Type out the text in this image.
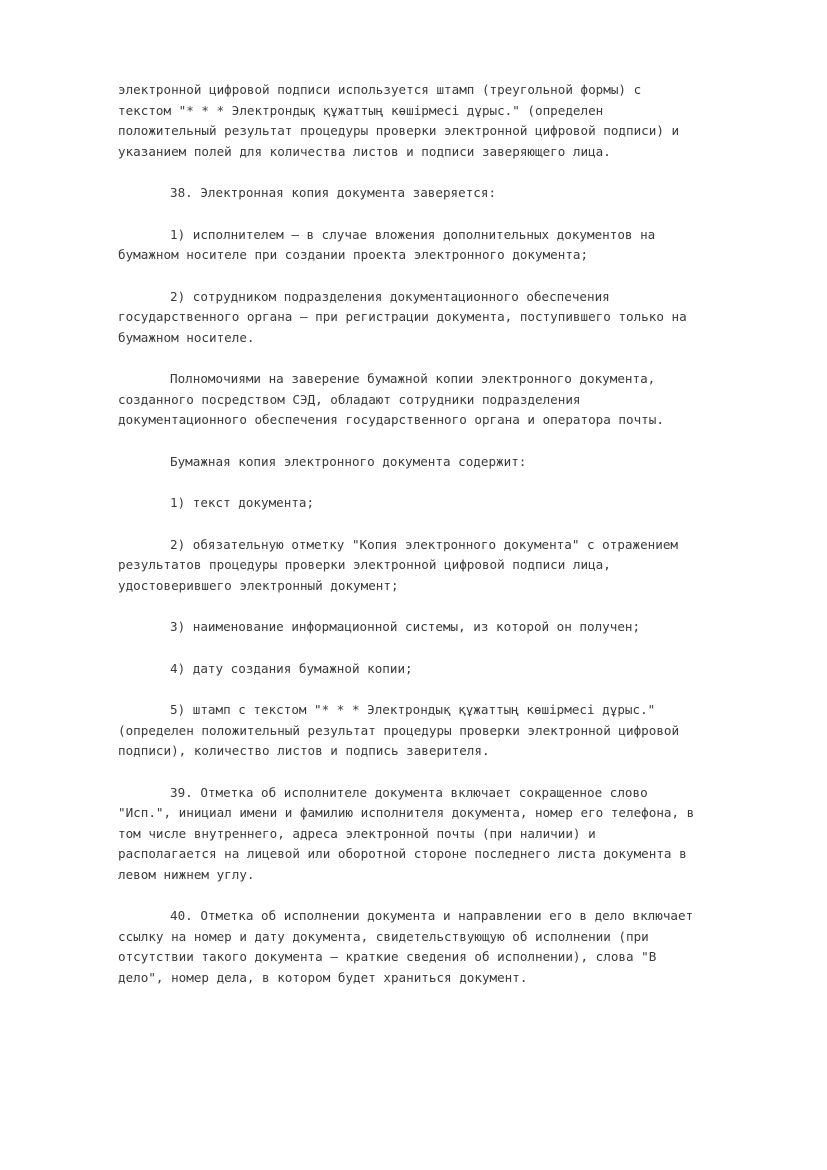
электронной цифровой подписи используется штамп (треугольной формы) с
текстом "* * * Электрондық құжаттың көшірмесі дұрыс." (определен
положительный результат процедуры проверки электронной цифровой подписи) и
указанием полей для количества листов и подписи заверяющего лица.

38. Электронная копия документа заверяется:

1) исполнителем – в случае вложения дополнительных документов на
бумажном носителе при создании проекта электронного документа;

2) сотрудником подразделения документационного обеспечения
государственного органа – при регистрации документа, поступившего только на
бумажном носителе.

Полномочиями на заверение бумажной копии электронного документа,
созданного посредством СЭД, обладают сотрудники подразделения
документационного обеспечения государственного органа и оператора почты.

Бумажная копия электронного документа содержит:

1) текст документа;

2) обязательную отметку "Копия электронного документа" с отражением
результатов процедуры проверки электронной цифровой подписи лица,
удостоверившего электронный документ;

3) наименование информационной системы, из которой он получен;

4) дату создания бумажной копии;

5) штамп с текстом "* * * Электрондық құжаттың көшірмесі дұрыс."
(определен положительный результат процедуры проверки электронной цифровой
подписи), количество листов и подпись заверителя.

39. Отметка об исполнителе документа включает сокращенное слово
"Исп.", инициал имени и фамилию исполнителя документа, номер его телефона, в
том числе внутреннего, адреса электронной почты (при наличии) и
располагается на лицевой или оборотной стороне последнего листа документа в
левом нижнем углу.

40. Отметка об исполнении документа и направлении его в дело включает
ссылку на номер и дату документа, свидетельствующую об исполнении (при
отсутствии такого документа – краткие сведения об исполнении), слова "В
дело", номер дела, в котором будет храниться документ.
